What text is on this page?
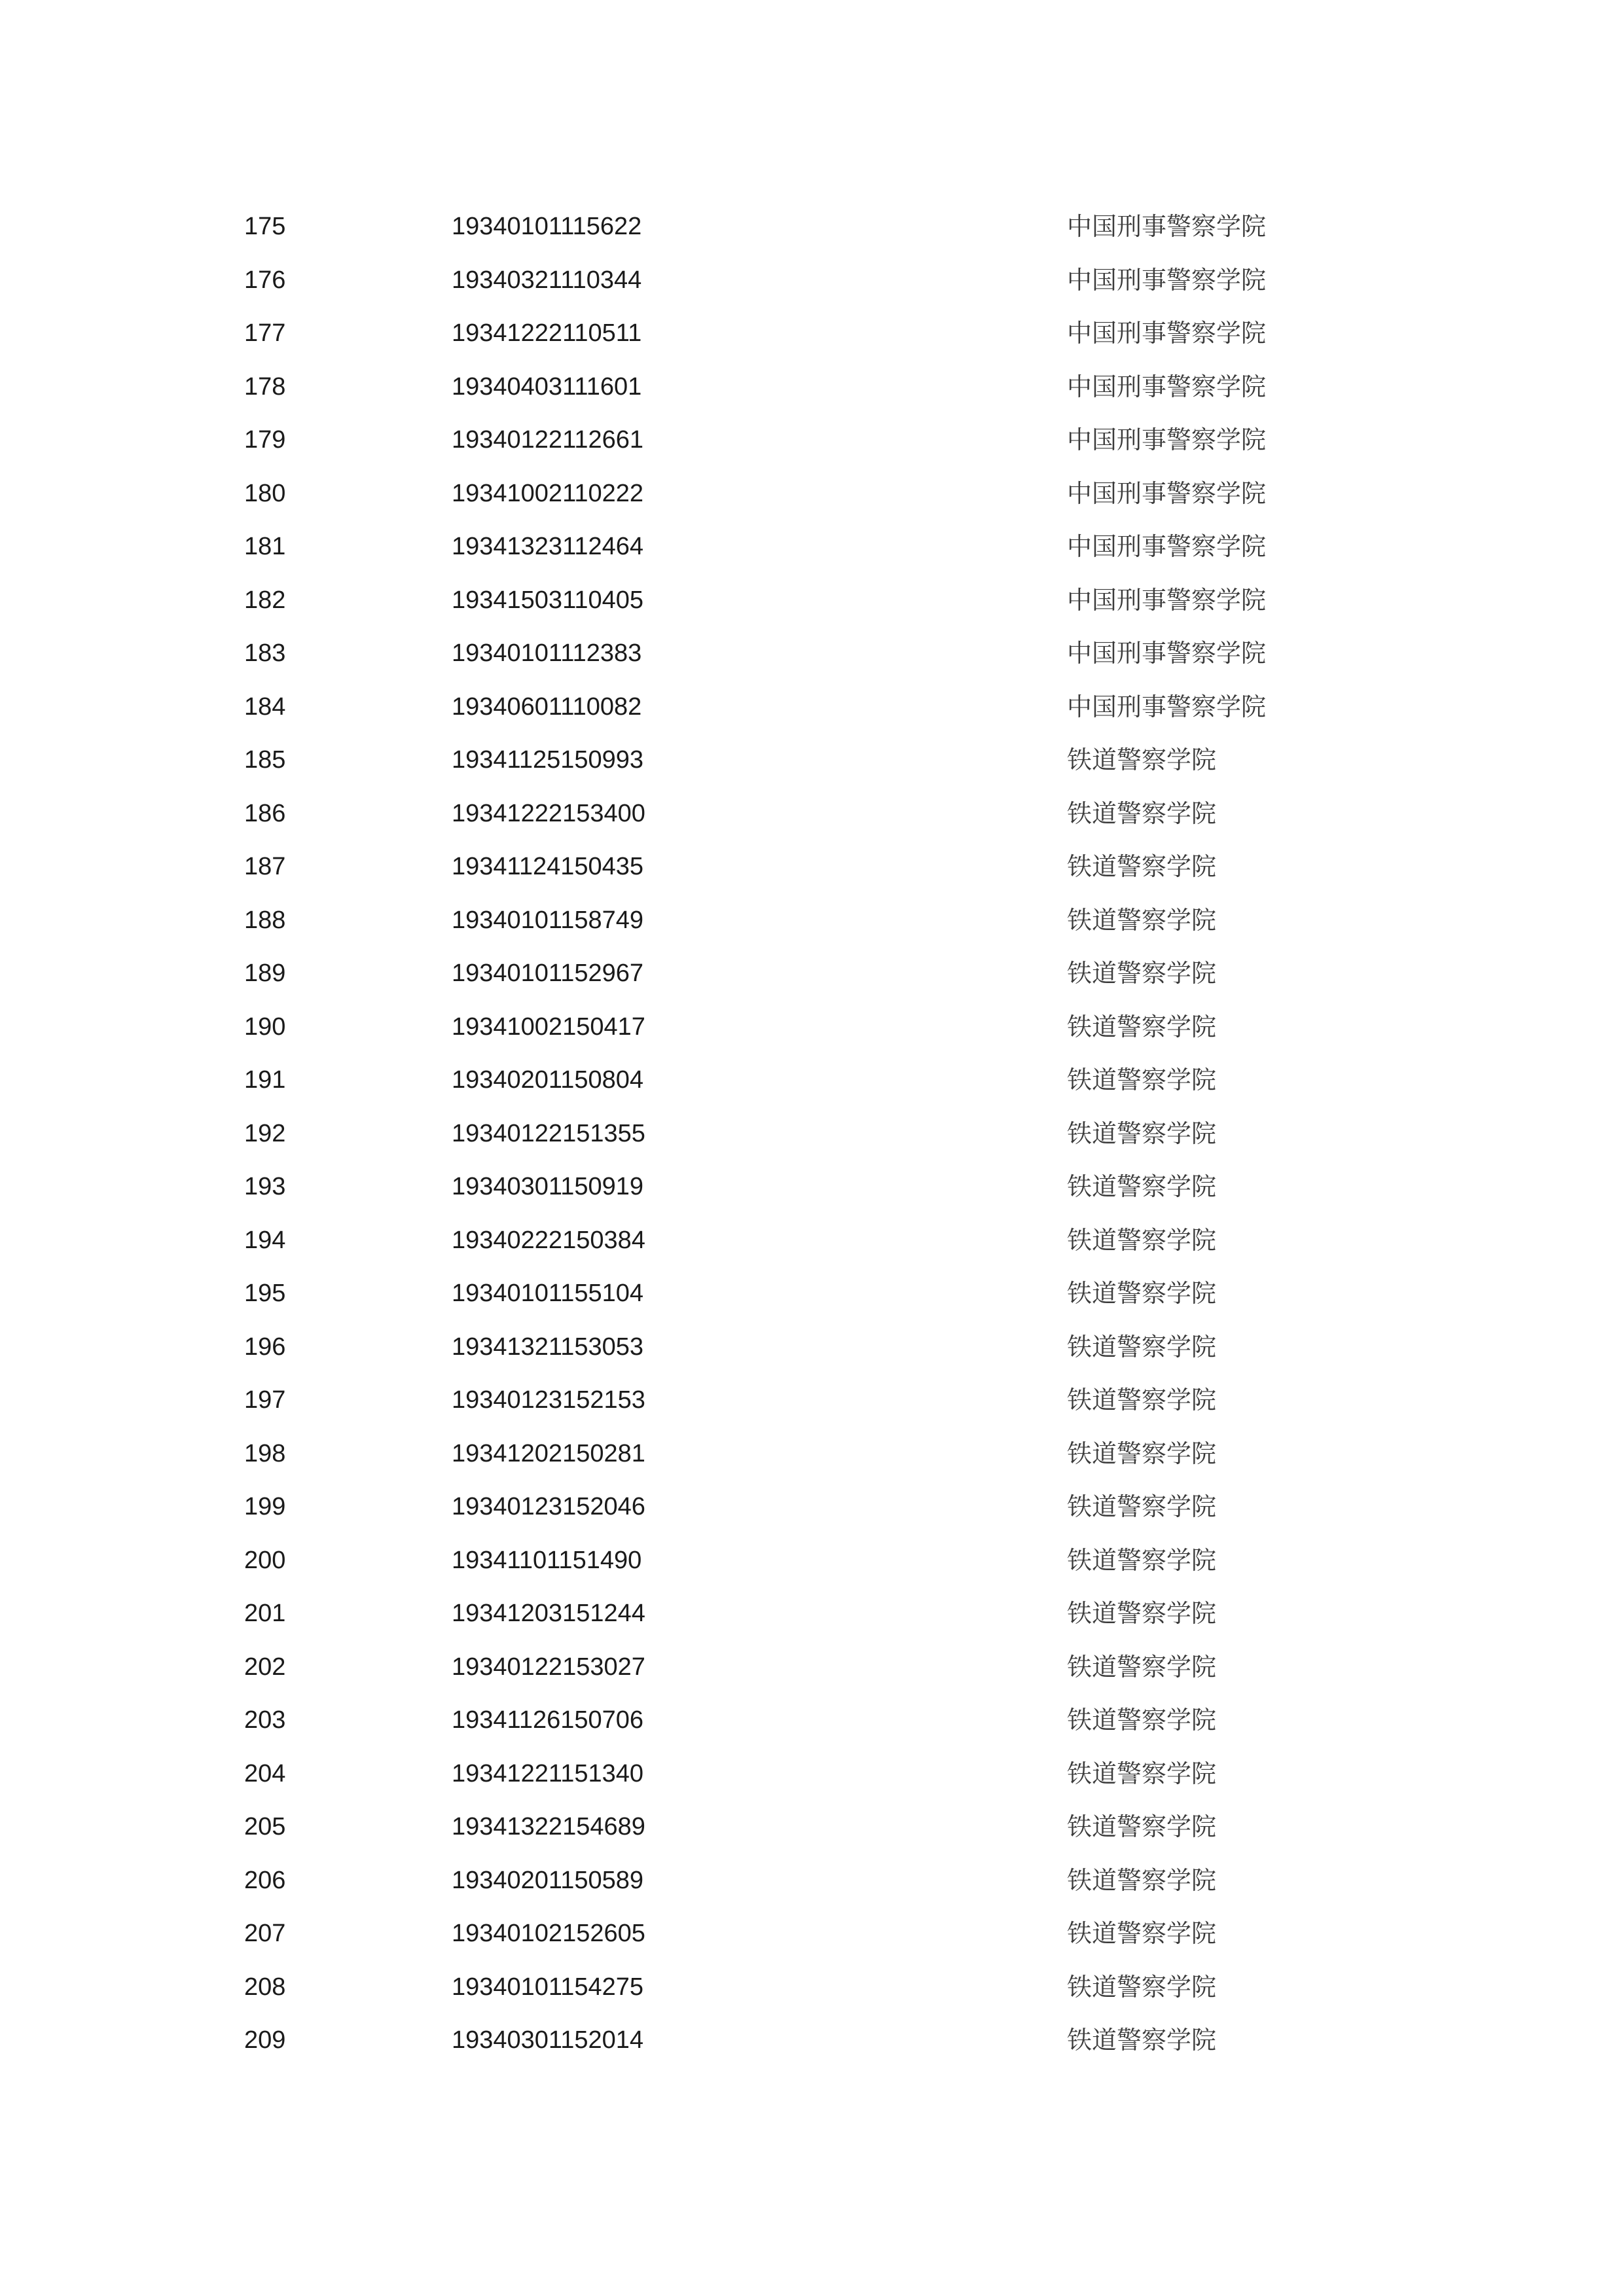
175	19340101115622	中国刑事警察学院
176	19340321110344	中国刑事警察学院
177	19341222110511	中国刑事警察学院
178	19340403111601	中国刑事警察学院
179	19340122112661	中国刑事警察学院
180	19341002110222	中国刑事警察学院
181	19341323112464	中国刑事警察学院
182	19341503110405	中国刑事警察学院
183	19340101112383	中国刑事警察学院
184	19340601110082	中国刑事警察学院
185	19341125150993	铁道警察学院
186	19341222153400	铁道警察学院
187	19341124150435	铁道警察学院
188	19340101158749	铁道警察学院
189	19340101152967	铁道警察学院
190	19341002150417	铁道警察学院
191	19340201150804	铁道警察学院
192	19340122151355	铁道警察学院
193	19340301150919	铁道警察学院
194	19340222150384	铁道警察学院
195	19340101155104	铁道警察学院
196	19341321153053	铁道警察学院
197	19340123152153	铁道警察学院
198	19341202150281	铁道警察学院
199	19340123152046	铁道警察学院
200	19341101151490	铁道警察学院
201	19341203151244	铁道警察学院
202	19340122153027	铁道警察学院
203	19341126150706	铁道警察学院
204	19341221151340	铁道警察学院
205	19341322154689	铁道警察学院
206	19340201150589	铁道警察学院
207	19340102152605	铁道警察学院
208	19340101154275	铁道警察学院
209	19340301152014	铁道警察学院
